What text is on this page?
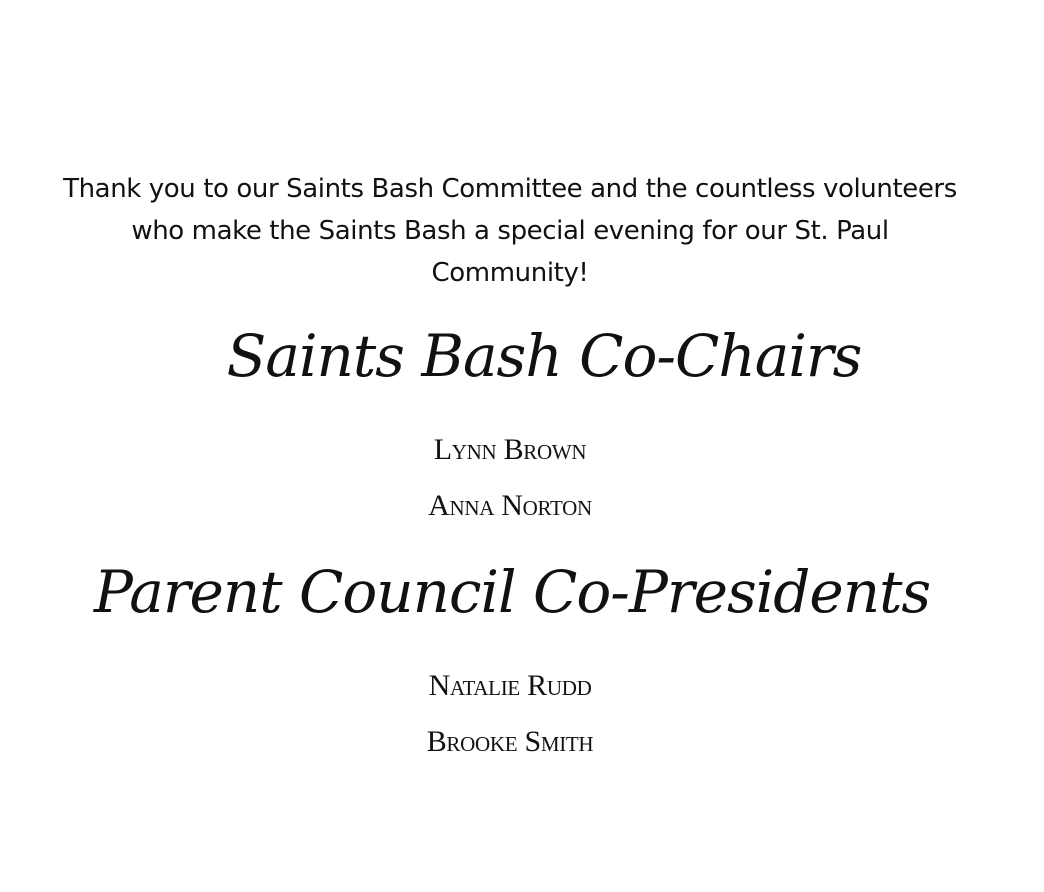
Thank you to our Saints Bash Committee and the countless volunteers
who make the Saints Bash a special evening for our St. Paul
Community!

Saints Bash Co-Chairs

Lynn Brown

Anna Norton

Parent Council Co-Presidents

Natalie Rudd

Brooke Smith
